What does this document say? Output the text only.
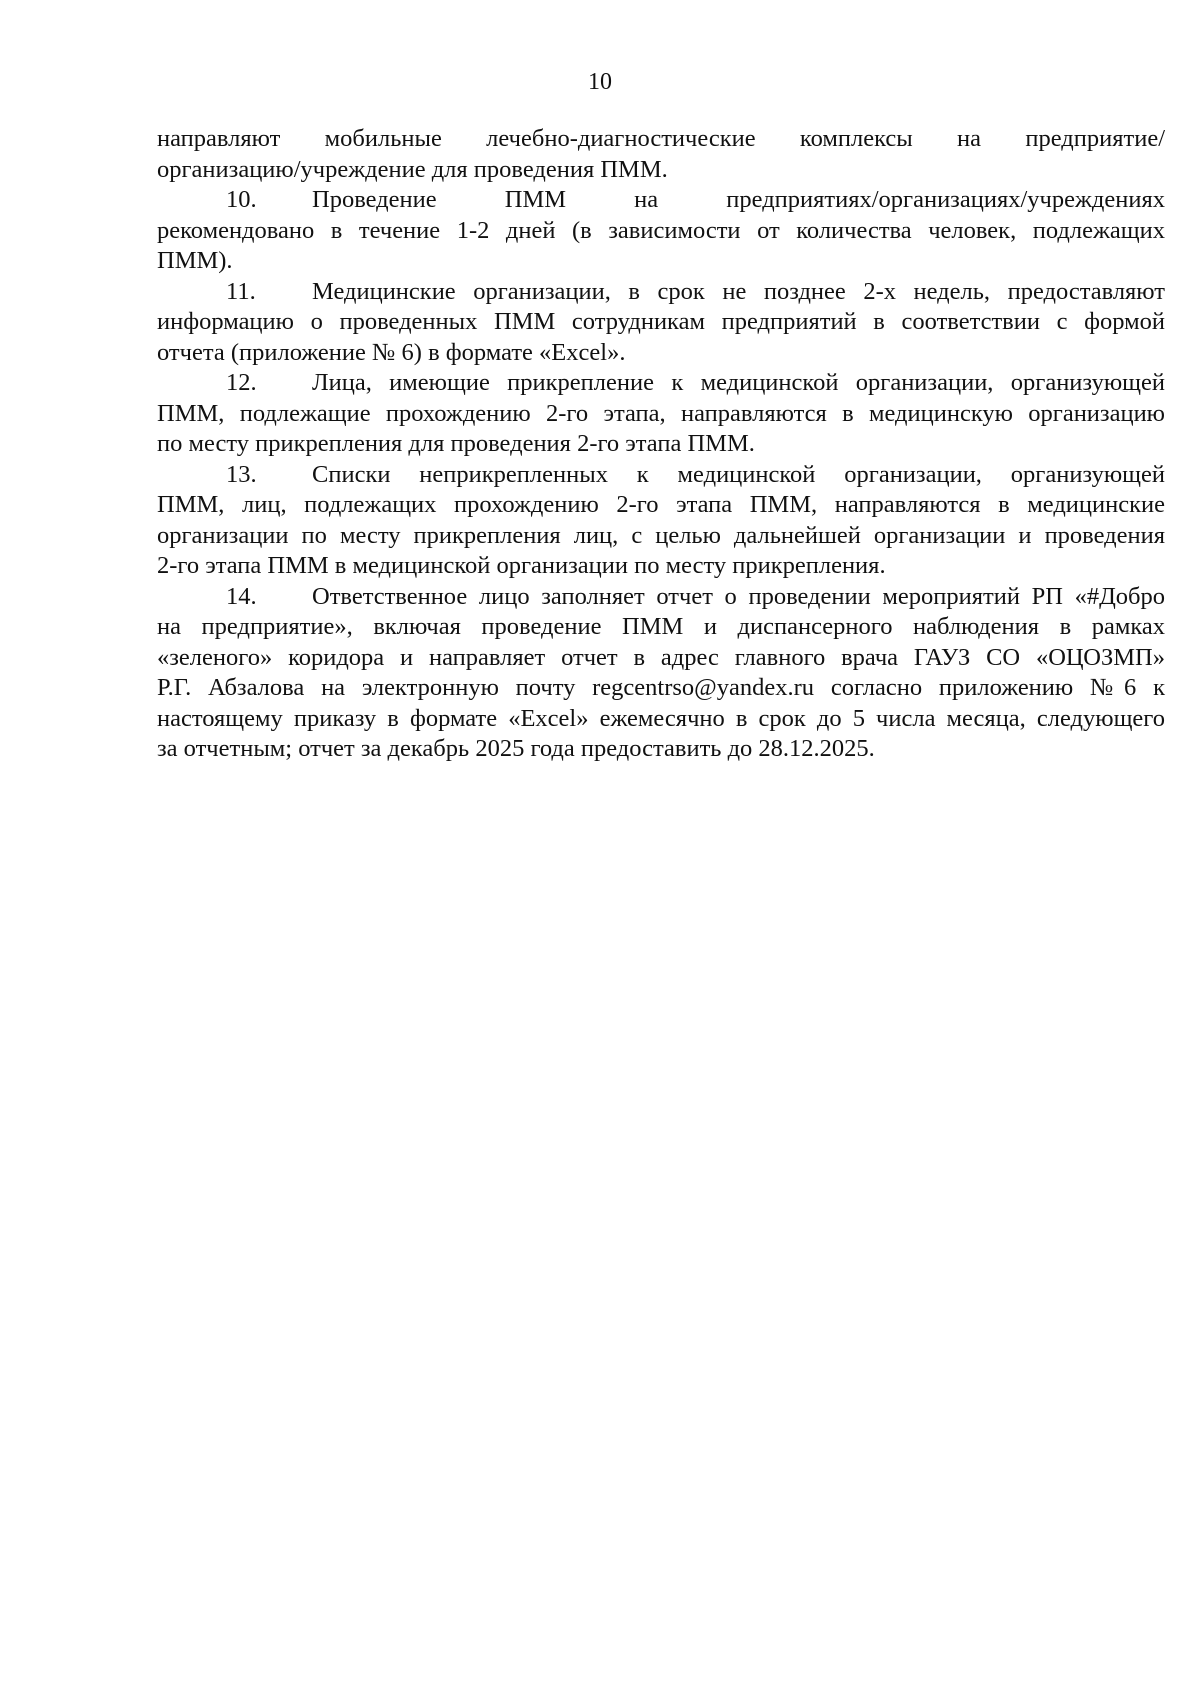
10
направляют мобильные лечебно-диагностические комплексы на предприятие/
организацию/учреждение для проведения ПММ.
10.	Проведение ПММ на предприятиях/организациях/учреждениях
рекомендовано в течение 1-2 дней (в зависимости от количества человек, подлежащих
ПММ).
11.	Медицинские организации, в срок не позднее 2-х недель, предоставляют
информацию о проведенных ПММ сотрудникам предприятий в соответствии с формой
отчета (приложение № 6) в формате «Excel».
12.	Лица, имеющие прикрепление к медицинской организации, организующей
ПММ, подлежащие прохождению 2-го этапа, направляются в медицинскую организацию
по месту прикрепления для проведения 2-го этапа ПММ.
13.	Списки неприкрепленных к медицинской организации, организующей
ПММ, лиц, подлежащих прохождению 2-го этапа ПММ, направляются в медицинские
организации по месту прикрепления лиц, с целью дальнейшей организации и проведения
2-го этапа ПММ в медицинской организации по месту прикрепления.
14.	Ответственное лицо заполняет отчет о проведении мероприятий РП «#Добро
на предприятие», включая проведение ПММ и диспансерного наблюдения в рамках
«зеленого» коридора и направляет отчет в адрес главного врача ГАУЗ СО «ОЦОЗМП»
Р.Г. Абзалова на электронную почту regcentrso@yandex.ru согласно приложению №6 к
настоящему приказу в формате «Excel» ежемесячно в срок до 5 числа месяца, следующего
за отчетным; отчет за декабрь 2025 года предоставить до 28.12.2025.
